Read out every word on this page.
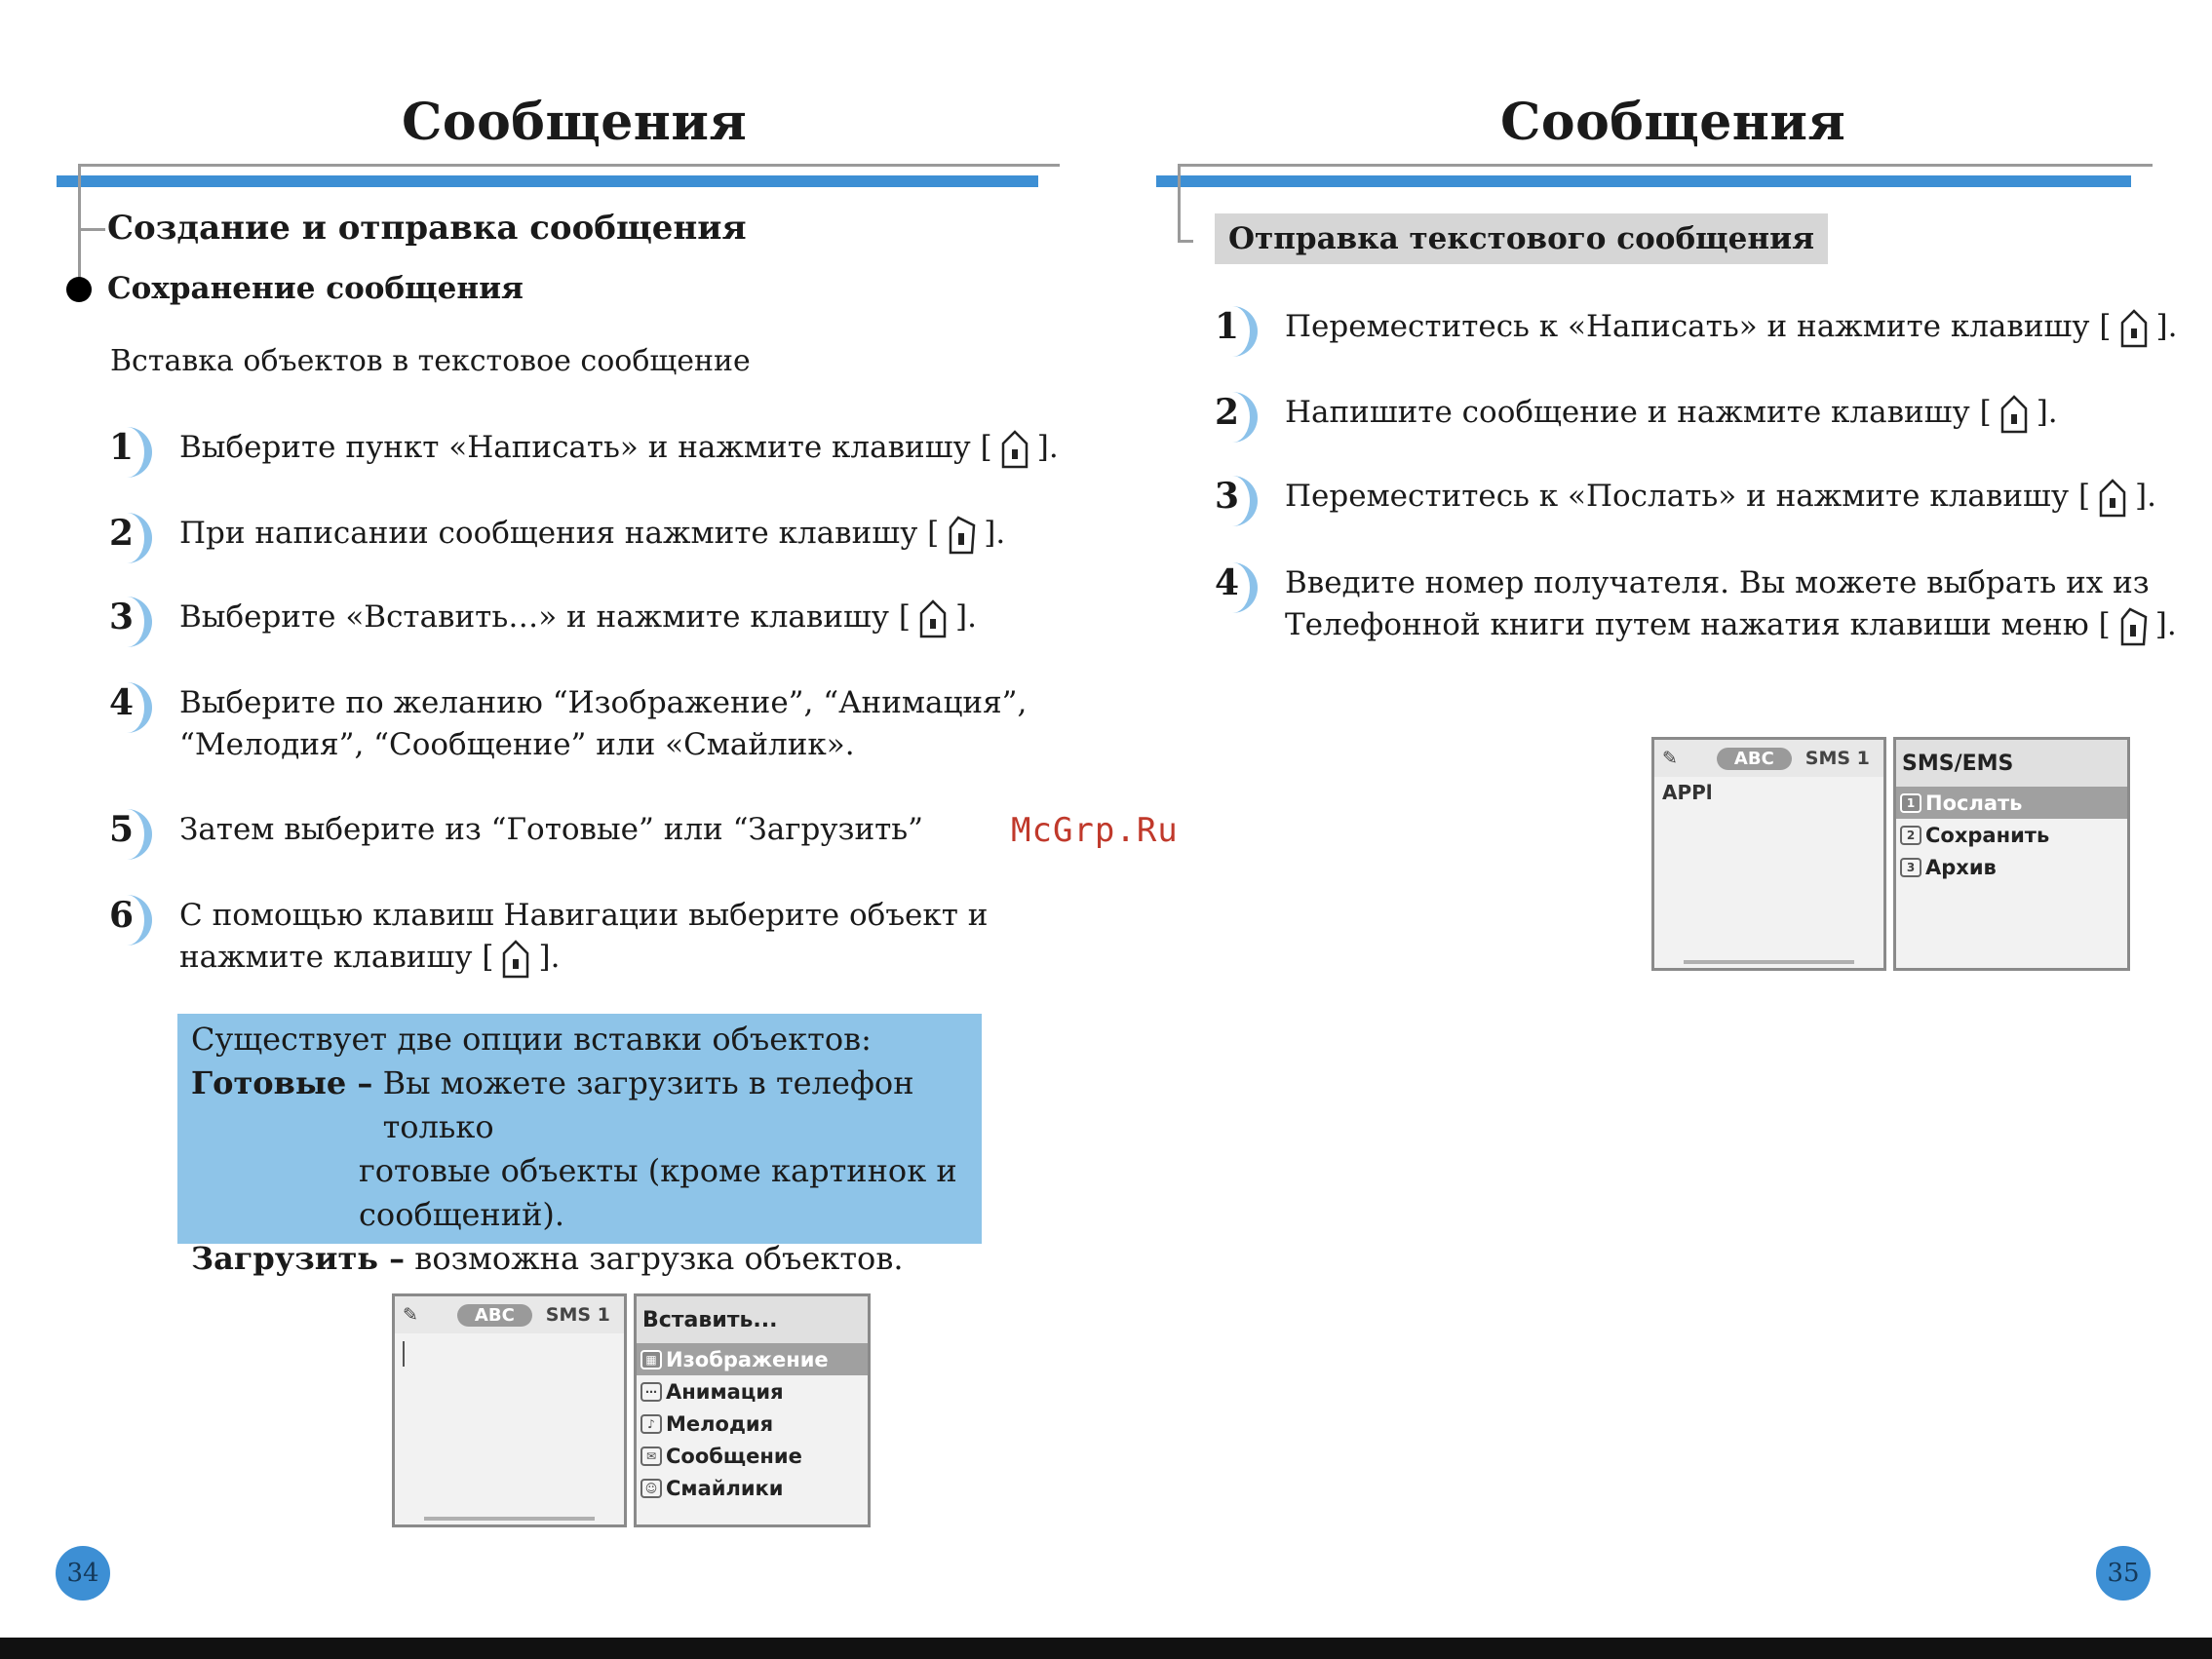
Сообщения
Создание и отправка сообщения
Сохранение сообщения
Вставка объектов в текстовое сообщение
1	Выберите пункт «Написать» и нажмите клавишу [ ].
2	При написании сообщения нажмите клавишу [ ].
3	Выберите «Вставить…» и нажмите клавишу [ ].
4	Выберите по желанию “Изображение”, “Анимация”,
“Мелодия”, “Сообщение” или «Смайлик».
5	Затем выберите из “Готовые” или “Загрузить”
6	С помощью клавиш Навигации выберите объект и
нажмите клавишу [ ].
Существует две опции вставки объектов:
Готовые –
Вы можете загрузить в телефон только
готовые объекты (кроме картинок и
сообщений).
Загрузить –
возможна загрузка объектов.
✎	ABC	SMS 1 Вставить...
▦ Изображение
⋯ Анимация
♪ Мелодия
✉ Сообщение
☺ Смайлики
34
Сообщения
Отправка текстового сообщения
1	Переместитесь к «Написать» и нажмите клавишу [ ].
2	Напишите сообщение и нажмите клавишу [ ].
3	Переместитесь к «Послать» и нажмите клавишу [ ].
4	Введите номер получателя. Вы можете выбрать их из
Телефонной книги путем нажатия клавиши меню [ ].
✎	ABC	SMS 1
APPl
SMS/EMS
1 Послать
2 Сохранить
3 Архив
35
McGrp.Ru
